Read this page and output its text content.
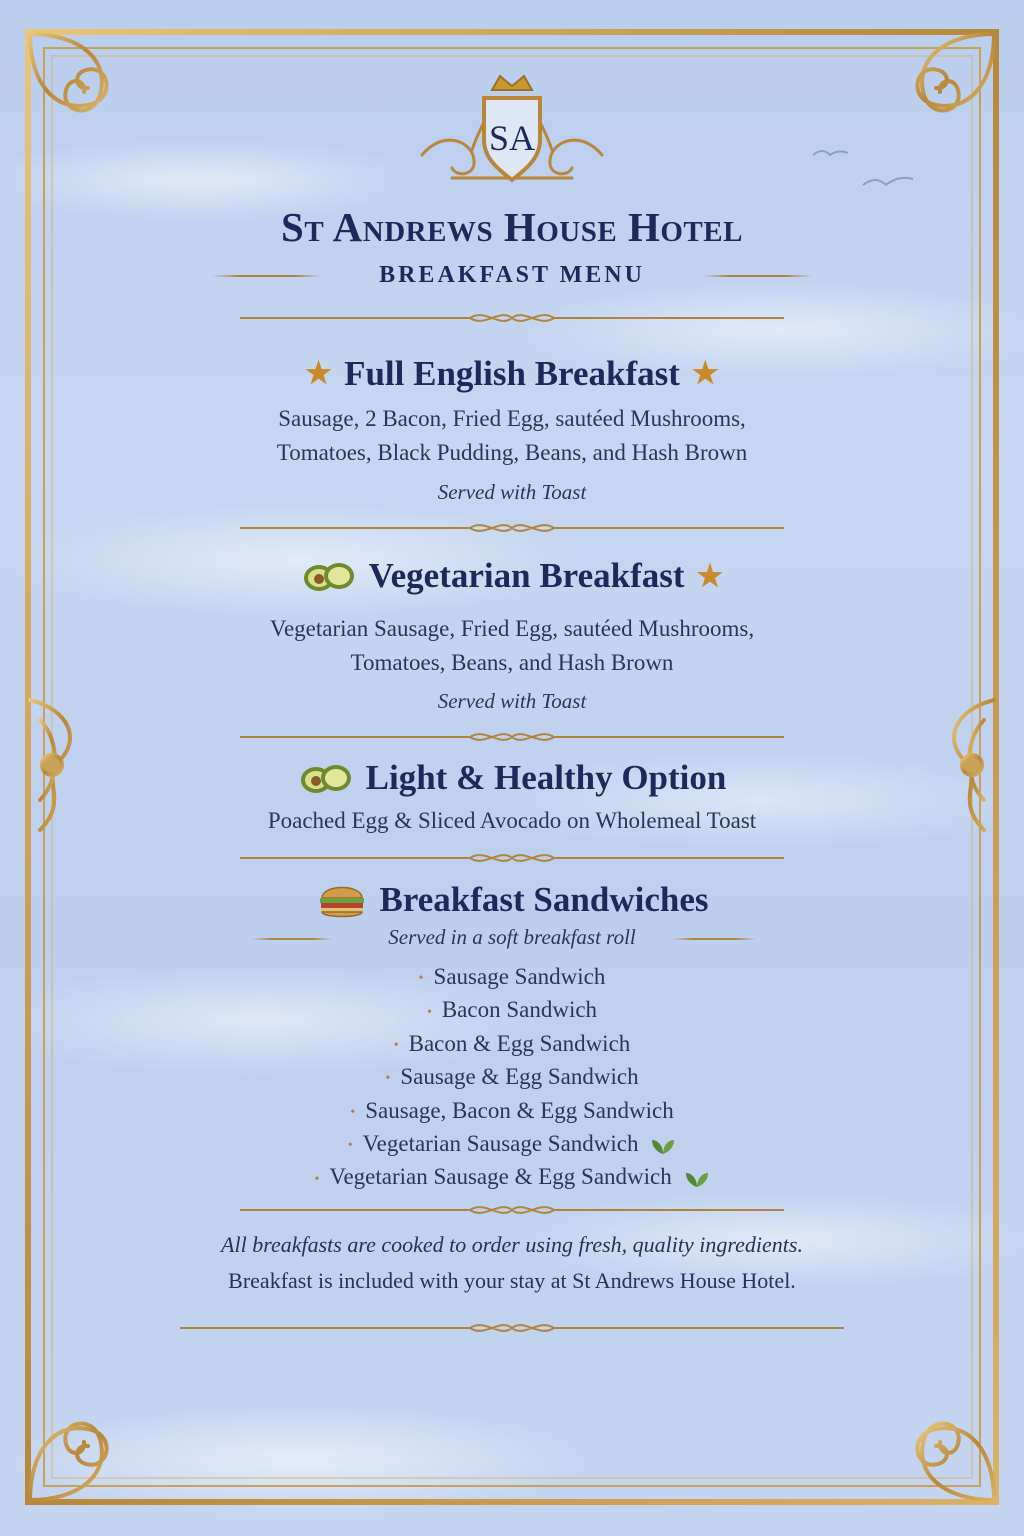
SA
St Andrews House Hotel
BREAKFAST MENU
★ Full English Breakfast ★
Sausage, 2 Bacon, Fried Egg, sautéed Mushrooms,
Tomatoes, Black Pudding, Beans, and Hash Brown
Served with Toast
Vegetarian Breakfast ★
Vegetarian Sausage, Fried Egg, sautéed Mushrooms,
Tomatoes, Beans, and Hash Brown
Served with Toast
Light & Healthy Option
Poached Egg & Sliced Avocado on Wholemeal Toast
Breakfast Sandwiches
Served in a soft breakfast roll
• Sausage Sandwich
• Bacon Sandwich
• Bacon & Egg Sandwich
• Sausage & Egg Sandwich
• Sausage, Bacon & Egg Sandwich
• Vegetarian Sausage Sandwich
• Vegetarian Sausage & Egg Sandwich
All breakfasts are cooked to order using fresh, quality ingredients.
Breakfast is included with your stay at St Andrews House Hotel.
